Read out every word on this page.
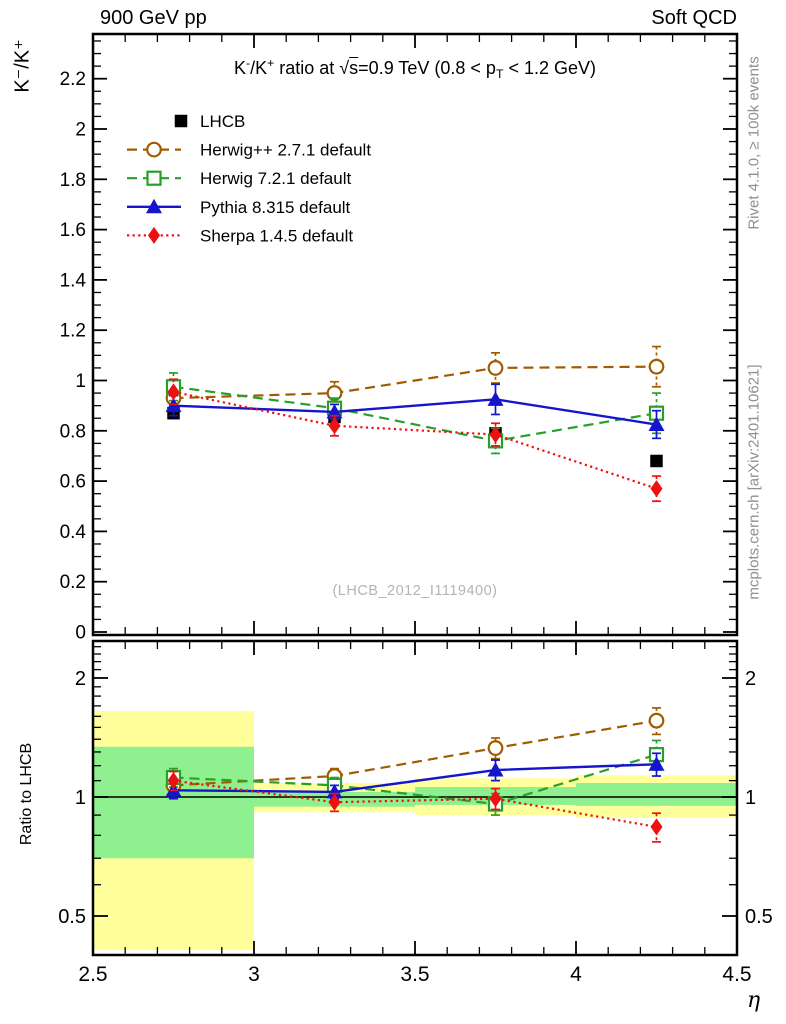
0
0.2
0.4
0.6
0.8
1
1.2
1.4
1.6
1.8
2
2.2
LHCB
Herwig++ 2.7.1 default
Herwig 7.2.1 default
Pythia 8.315 default
Sherpa 1.4.5 default
0.5	0.5
1	1
2	2
2.5	3	3.5	4	4.5
900 GeV pp	Soft QCD
K-/K+ ratio at √s=0.9 TeV ($0.8 < p_T < 1.2$ GeV)
(LHCB_2012_I1119400)
Rivet 4.1.0, ≥ 100k events
mcplots.cern.ch [arXiv:2401.10621]
K⁻/K⁺
Ratio to LHCB
η
